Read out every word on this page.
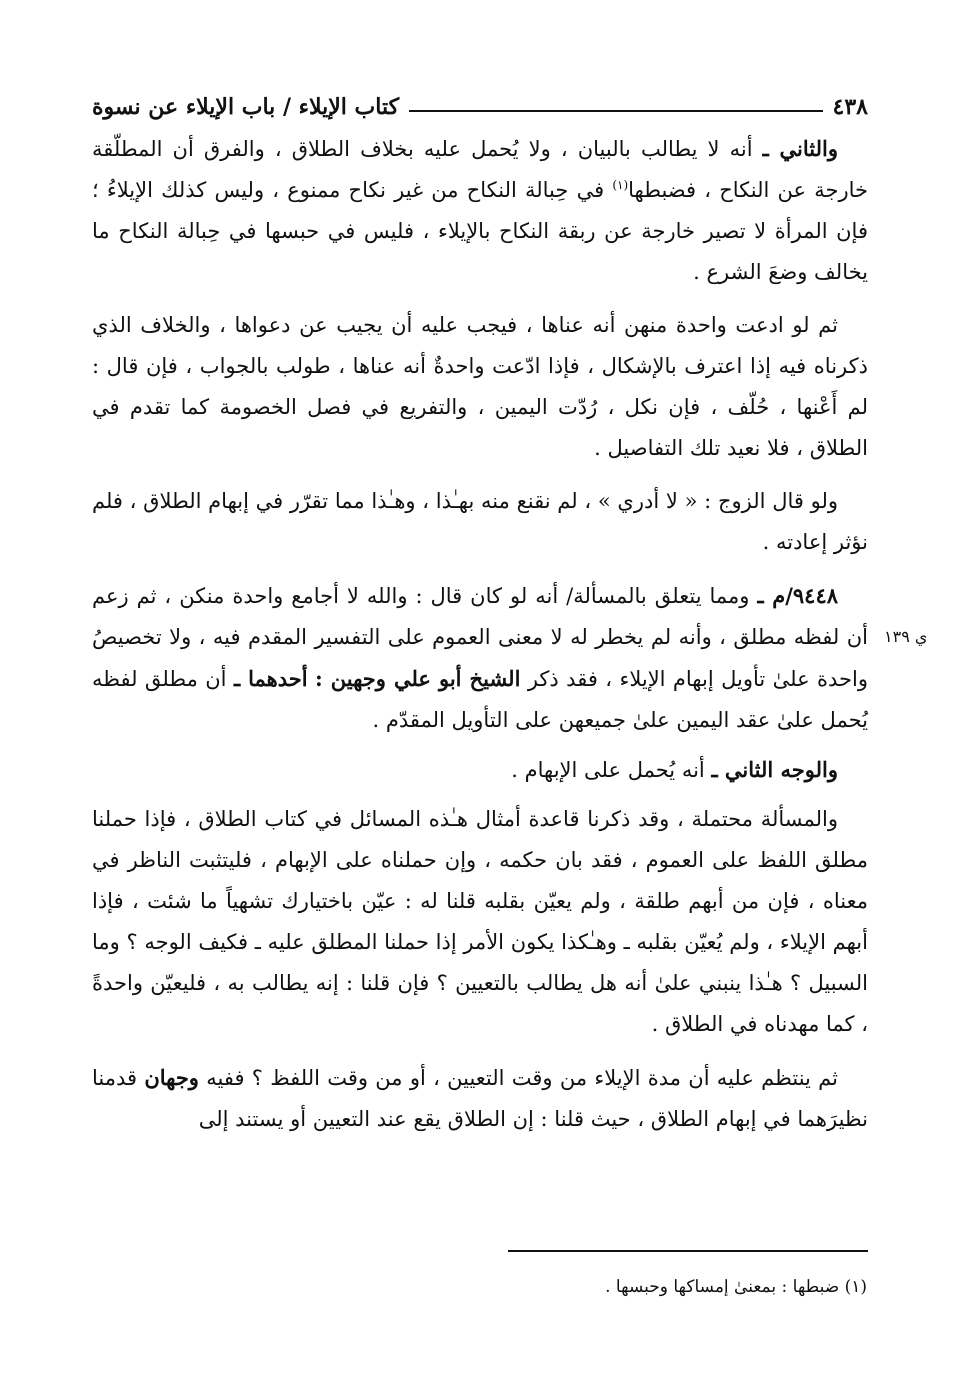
٤٣٨
كتاب الإيلاء / باب الإيلاء عن نسوة
ي ١٣٩

والثاني ـ أنه لا يطالب بالبيان ، ولا يُحمل عليه بخلاف الطلاق ، والفرق أن المطلّقة خارجة عن النكاح ، فضبطها$^{(١)}$ في حِبالة النكاح من غير نكاح ممنوع ، وليس كذلك الإيلاءُ ؛ فإن المرأة لا تصير خارجة عن ربقة النكاح بالإيلاء ، فليس في حبسها في حِبالة النكاح ما يخالف وضعَ الشرع .

ثم لو ادعت واحدة منهن أنه عناها ، فيجب عليه أن يجيب عن دعواها ، والخلاف الذي ذكرناه فيه إذا اعترف بالإشكال ، فإذا ادّعت واحدةٌ أنه عناها ، طولب بالجواب ، فإن قال : لم أَعْنها ، حُلّف ، فإن نكل ، رُدّت اليمين ، والتفريع في فصل الخصومة كما تقدم في الطلاق ، فلا نعيد تلك التفاصيل .

ولو قال الزوج : « لا أدري » ، لم نقنع منه بهـٰذا ، وهـٰذا مما تقرّر في إبهام الطلاق ، فلم نؤثر إعادته .

٩٤٤٨/م ـ ومما يتعلق بالمسألة/ أنه لو كان قال : والله لا أجامع واحدة منكن ، ثم زعم أن لفظه مطلق ، وأنه لم يخطر له لا معنى العموم على التفسير المقدم فيه ، ولا تخصيصُ واحدة علىٰ تأويل إبهام الإيلاء ، فقد ذكر الشيخ أبو علي وجهين : أحدهما ـ أن مطلق لفظه يُحمل علىٰ عقد اليمين علىٰ جميعهن على التأويل المقدّم .

والوجه الثاني ـ أنه يُحمل على الإبهام .

والمسألة محتملة ، وقد ذكرنا قاعدة أمثال هـٰذه المسائل في كتاب الطلاق ، فإذا حملنا مطلق اللفظ على العموم ، فقد بان حكمه ، وإن حملناه على الإبهام ، فليتثبت الناظر في معناه ، فإن من أبهم طلقة ، ولم يعيّن بقلبه قلنا له : عيّن باختيارك تشهياً ما شئت ، فإذا أبهم الإيلاء ، ولم يُعيّن بقلبه ـ وهـٰكذا يكون الأمر إذا حملنا المطلق عليه ـ فكيف الوجه ؟ وما السبيل ؟ هـٰذا ينبني علىٰ أنه هل يطالب بالتعيين ؟ فإن قلنا : إنه يطالب به ، فليعيّن واحدةً ، كما مهدناه في الطلاق .

ثم ينتظم عليه أن مدة الإيلاء من وقت التعيين ، أو من وقت اللفظ ؟ ففيه وجهان قدمنا نظيرَهما في إبهام الطلاق ، حيث قلنا : إن الطلاق يقع عند التعيين أو يستند إلى

(١) ضبطها : بمعنىٰ إمساكها وحبسها .
